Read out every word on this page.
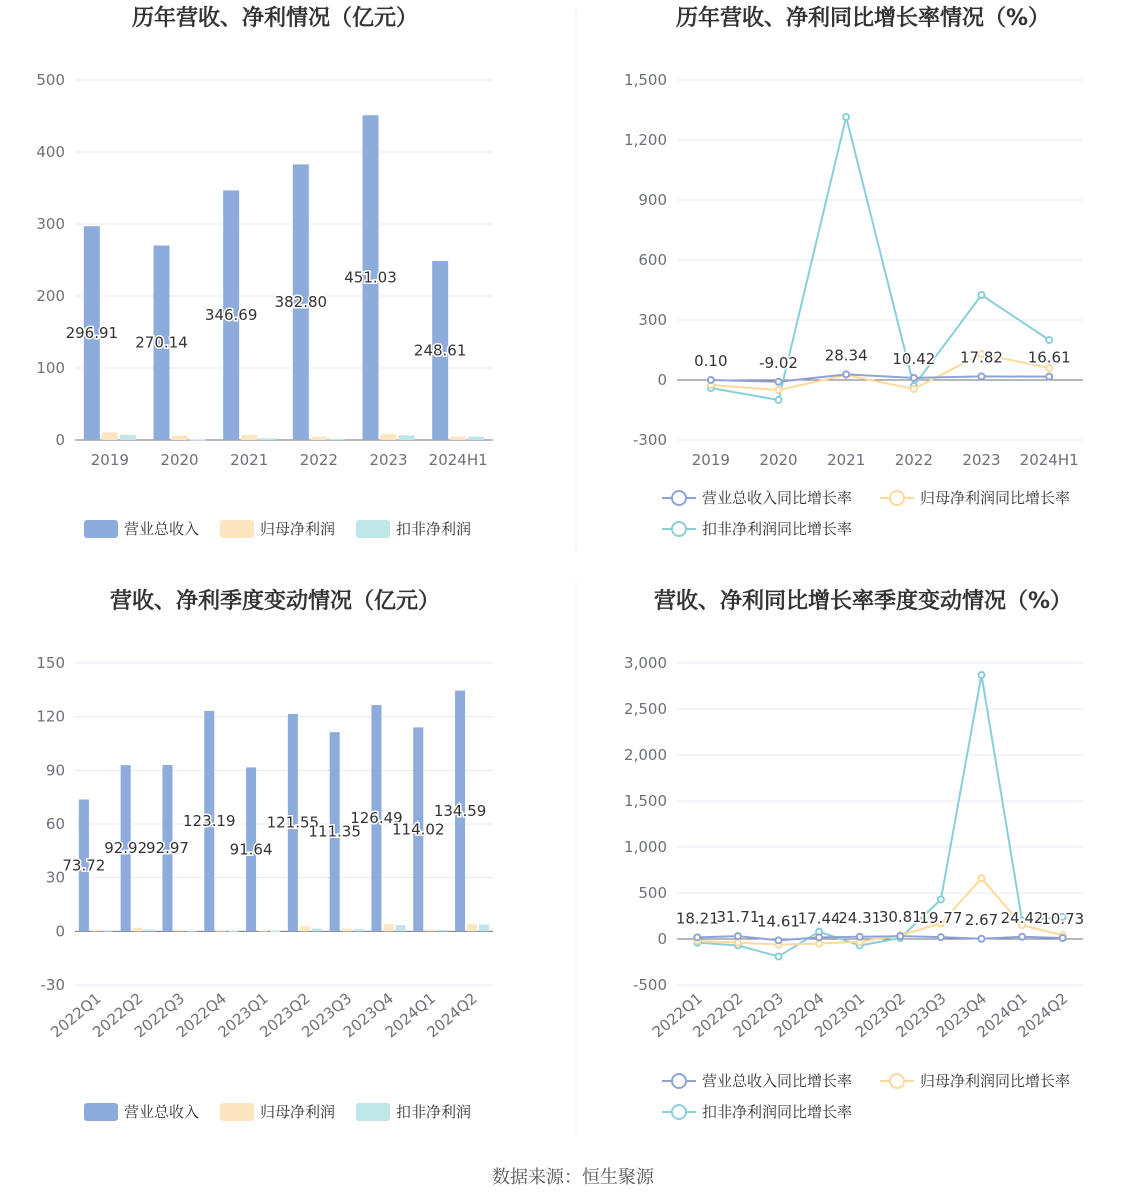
历年营收、净利情况（亿元）
0
100
200
300
400
500
2019 2020 2021 2022 2023 2024H1
296.91
270.14
346.69
382.80
451.03
248.61
营业总收入	归母净利润	扣非净利润
历年营收、净利同比增长率情况（%）
-300
0
300
600
900
1,200
1,500
2019 2020 2021 2022 2023 2024H1
0.10 -9.02 28.34 10.42 17.82 16.61
营业总收入同比增长率	归母净利润同比增长率
扣非净利润同比增长率
营收、净利季度变动情况（亿元）
-30
0
30
60
90
120
150
2022Q1
2022Q2
2022Q3
2022Q4
2023Q1
2023Q2
2023Q3
2023Q4
2024Q1
2024Q2
73.72
92.92
92.97
123.19
91.64
121.55
111.35
126.49
114.02
134.59
营业总收入	归母净利润	扣非净利润
营收、净利同比增长率季度变动情况（%）
-500
0
500
1,000
1,500
2,000
2,500
3,000
2022Q1
2022Q2
2022Q3
2022Q4
2023Q1
2023Q2
2023Q3
2023Q4
2024Q1
2024Q2
18.21
31.71
14.61
17.44
24.31
30.81
19.77 2.67 24.42
10.73
营业总收入同比增长率	归母净利润同比增长率
扣非净利润同比增长率
数据来源：恒生聚源
